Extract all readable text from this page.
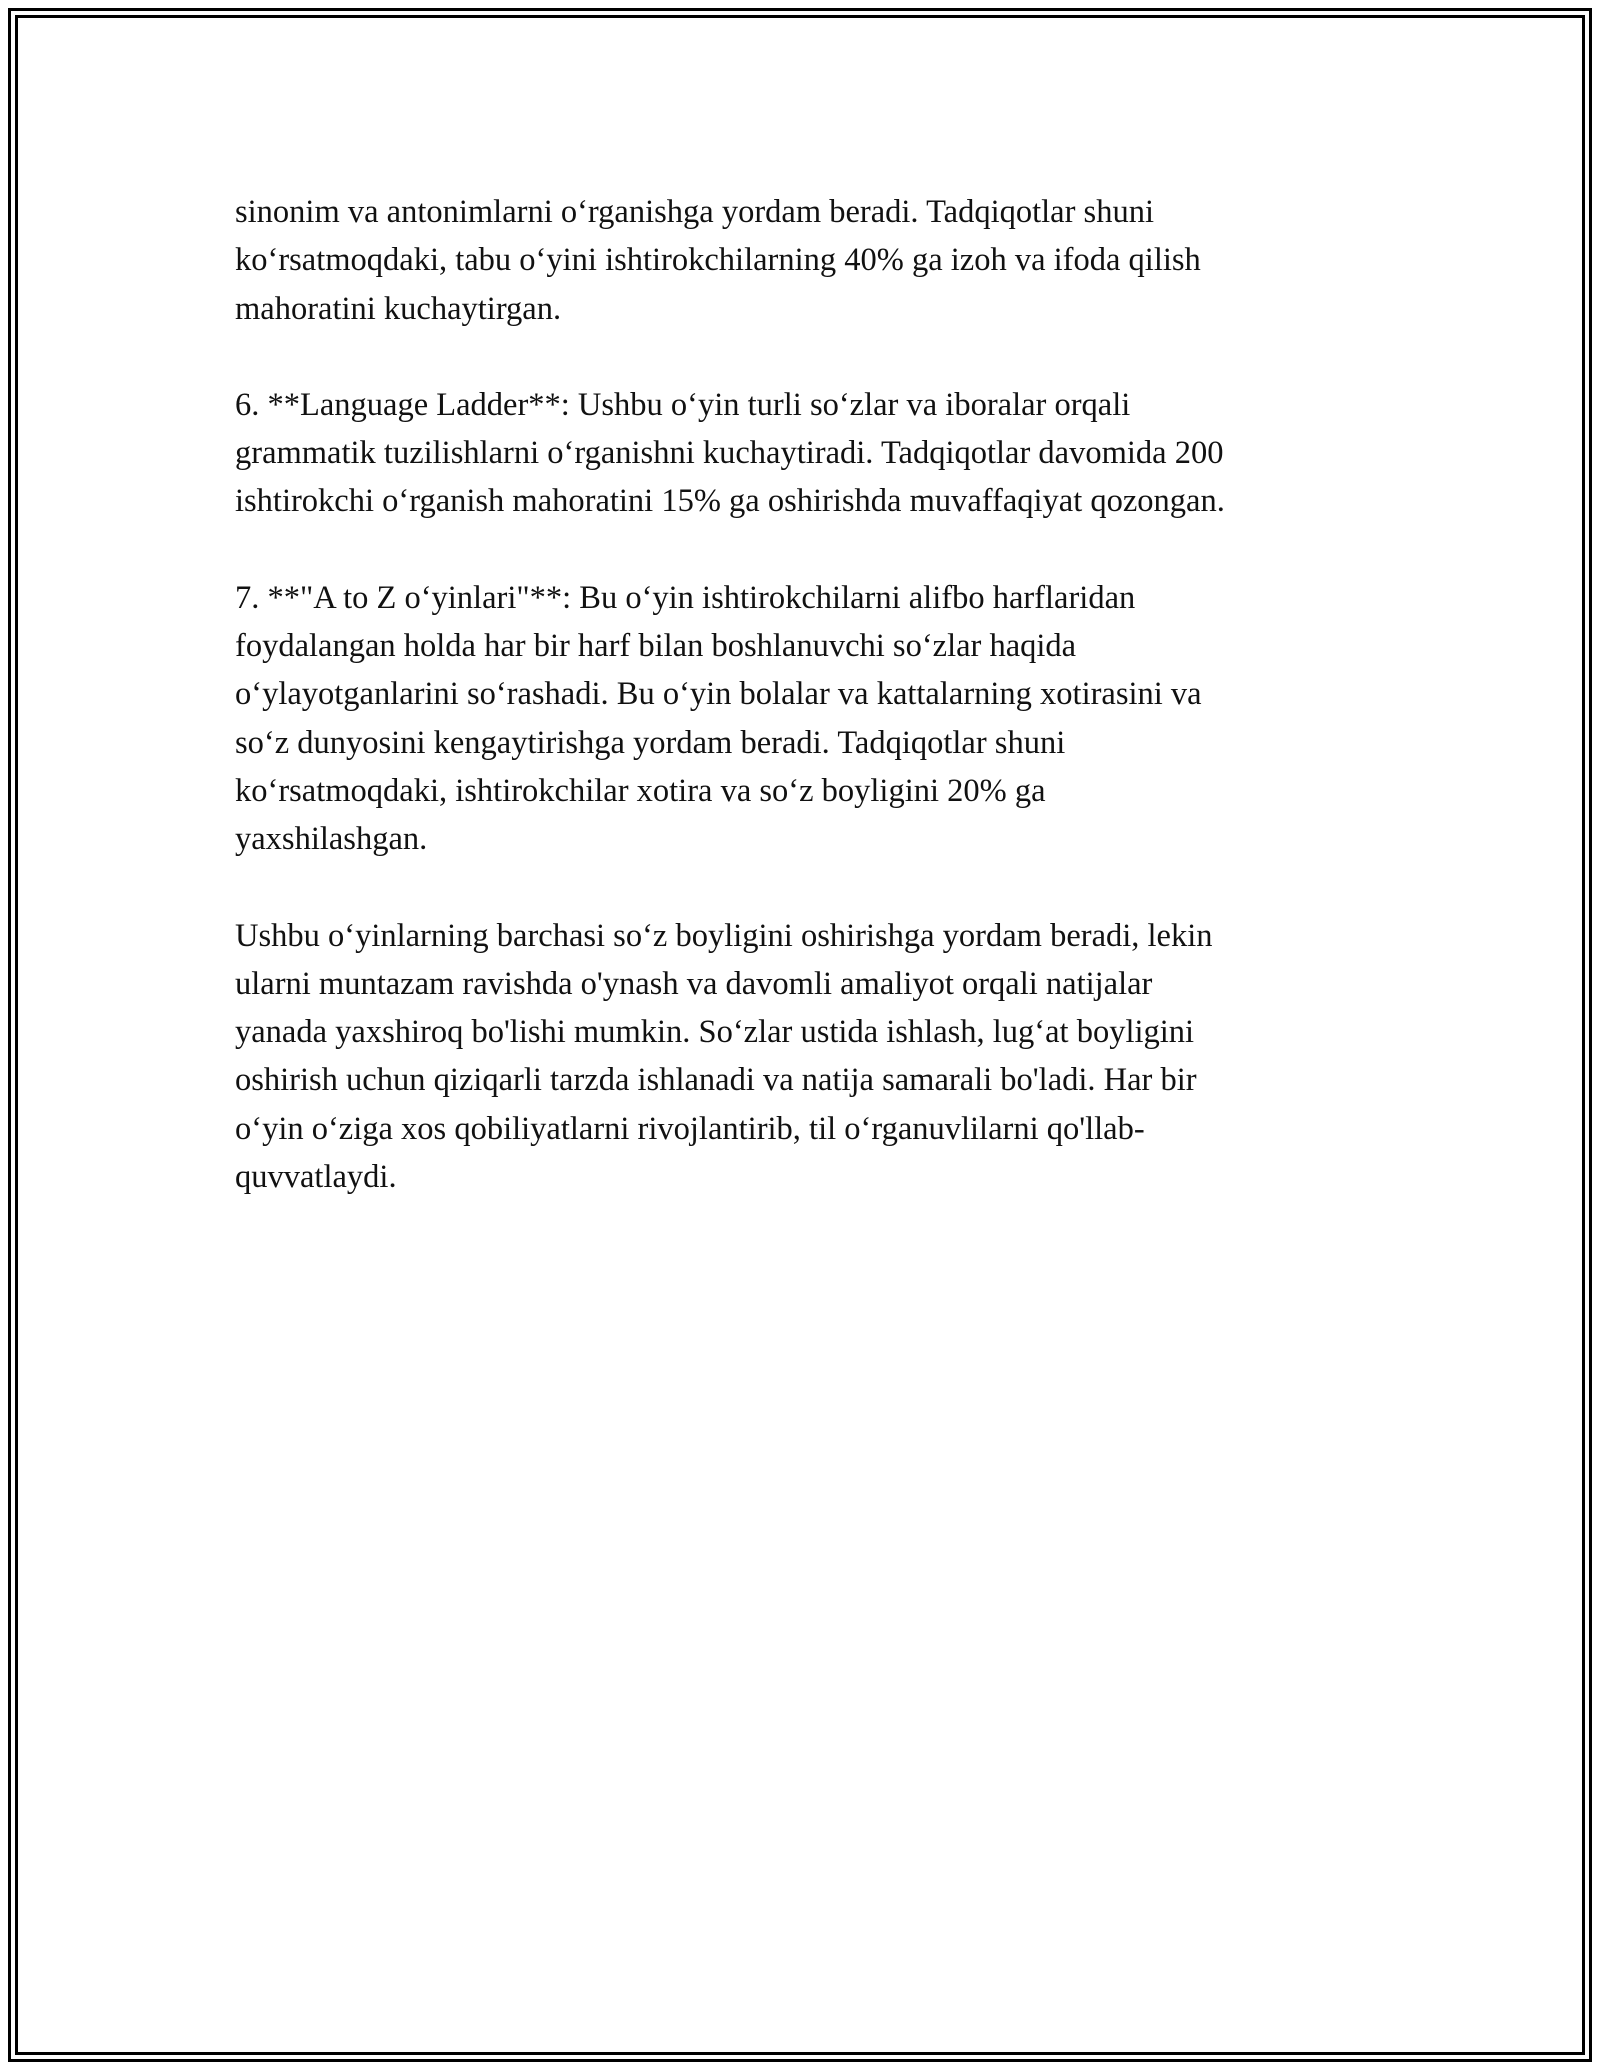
sinonim va antonimlarni o‘rganishga yordam beradi. Tadqiqotlar shuni
ko‘rsatmoqdaki, tabu o‘yini ishtirokchilarning 40% ga izoh va ifoda qilish
mahoratini kuchaytirgan.

6. **Language Ladder**: Ushbu o‘yin turli so‘zlar va iboralar orqali
grammatik tuzilishlarni o‘rganishni kuchaytiradi. Tadqiqotlar davomida 200
ishtirokchi o‘rganish mahoratini 15% ga oshirishda muvaffaqiyat qozongan.

7. **"A to Z o‘yinlari"**: Bu o‘yin ishtirokchilarni alifbo harflaridan
foydalangan holda har bir harf bilan boshlanuvchi so‘zlar haqida
o‘ylayotganlarini so‘rashadi. Bu o‘yin bolalar va kattalarning xotirasini va
so‘z dunyosini kengaytirishga yordam beradi. Tadqiqotlar shuni
ko‘rsatmoqdaki, ishtirokchilar xotira va so‘z boyligini 20% ga
yaxshilashgan.

Ushbu o‘yinlarning barchasi so‘z boyligini oshirishga yordam beradi, lekin
ularni muntazam ravishda o'ynash va davomli amaliyot orqali natijalar
yanada yaxshiroq bo'lishi mumkin. So‘zlar ustida ishlash, lug‘at boyligini
oshirish uchun qiziqarli tarzda ishlanadi va natija samarali bo'ladi. Har bir
o‘yin o‘ziga xos qobiliyatlarni rivojlantirib, til o‘rganuvlilarni qo'llab-
quvvatlaydi.
